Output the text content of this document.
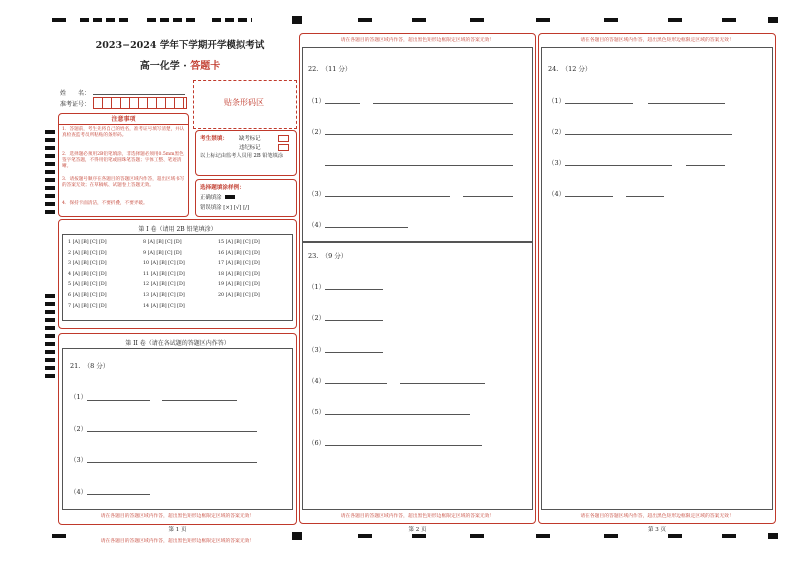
2023−2024 学年下学期开学模拟考试
高一化学 · 答题卡
姓　　名：
准考证号：	贴条形码区
注意事项
1．答题前，考生先将自己的姓名，准考证号填写清楚，并认真检查监考员所粘贴的条形码。
2．选择题必须用2B铅笔填涂，非选择题必须用0.5mm黑色签字笔答题，不得用铅笔或圆珠笔答题；字体工整、笔迹清晰。
3．请按题号顺序在各题目的答题区域内作答，超出区域书写的答案无效；在草稿纸、试题卷上答题无效。
4．保持卡面清洁，不要折叠，不要弄破。
考生禁填： 缺考标记
违纪标记
以上标记由监考人员用 2B 铅笔填涂
选择题填涂样例：
正确填涂
错误填涂 [×] [√] [/]
第 I 卷（请用 2B 铅笔填涂）
1 [A] [B] [C] [D]
2 [A] [B] [C] [D]
3 [A] [B] [C] [D]
4 [A] [B] [C] [D]
5 [A] [B] [C] [D]
6 [A] [B] [C] [D]
7 [A] [B] [C] [D]
8 [A] [B] [C] [D]
9 [A] [B] [C] [D]
10 [A] [B] [C] [D]
11 [A] [B] [C] [D]
12 [A] [B] [C] [D]
13 [A] [B] [C] [D]
14 [A] [B] [C] [D]
15 [A] [B] [C] [D]
16 [A] [B] [C] [D]
17 [A] [B] [C] [D]
18 [A] [B] [C] [D]
19 [A] [B] [C] [D]
20 [A] [B] [C] [D]
第 II 卷（请在各试题的答题区内作答）
21.　（8 分）
（1）
（2）
（3）
（4）
请在各题目的答题区域内作答，超出黑色矩形边框限定区域的答案无效！
第 1 页
请在各题目的答题区域内作答，超出黑色矩形边框限定区域的答案无效！
请在各题目的答题区域内作答，超出黑色矩形边框限定区域的答案无效！
22.　（11 分）
（1）
（2）
（3）
（4）
23.　（9 分）
（1）
（2）
（3）
（4）
（5）
（6）
请在各题目的答题区域内作答，超出黑色矩形边框限定区域的答案无效！
第 2 页
请在各题目的答题区域内作答，超出黑色矩形边框限定区域的答案无效！
24.　（12 分）
（1）
（2）
（3）
（4）
请在各题目的答题区域内作答，超出黑色矩形边框限定区域的答案无效！
第 3 页
